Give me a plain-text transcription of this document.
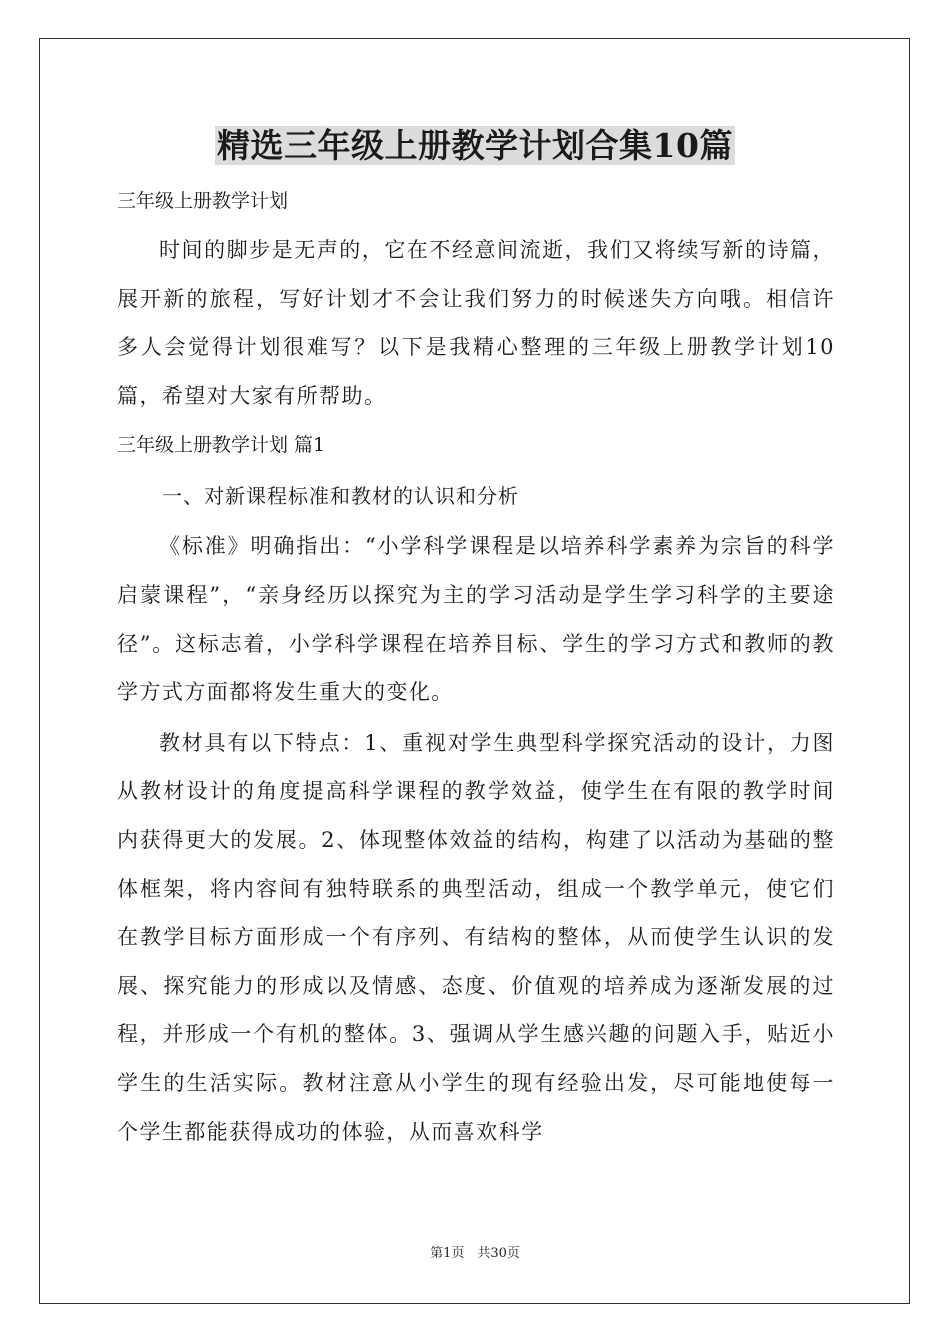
精选三年级上册教学计划合集10篇
三年级上册教学计划

时间的脚步是无声的，它在不经意间流逝，我们又将续写新的诗篇，展开新的旅程，写好计划才不会让我们努力的时候迷失方向哦。相信许多人会觉得计划很难写？以下是我精心整理的三年级上册教学计划10篇，希望对大家有所帮助。

三年级上册教学计划 篇1
一、对新课程标准和教材的认识和分析

《标准》明确指出：“小学科学课程是以培养科学素养为宗旨的科学启蒙课程”，“亲身经历以探究为主的学习活动是学生学习科学的主要途径”。这标志着，小学科学课程在培养目标、学生的学习方式和教师的教学方式方面都将发生重大的变化。

教材具有以下特点：1、重视对学生典型科学探究活动的设计，力图从教材设计的角度提高科学课程的教学效益，使学生在有限的教学时间内获得更大的发展。2、体现整体效益的结构，构建了以活动为基础的整体框架，将内容间有独特联系的典型活动，组成一个教学单元，使它们在教学目标方面形成一个有序列、有结构的整体，从而使学生认识的发展、探究能力的形成以及情感、态度、价值观的培养成为逐渐发展的过程，并形成一个有机的整体。3、强调从学生感兴趣的问题入手，贴近小学生的生活实际。教材注意从小学生的现有经验出发，尽可能地使每一个学生都能获得成功的体验，从而喜欢科学

第1页　共30页
